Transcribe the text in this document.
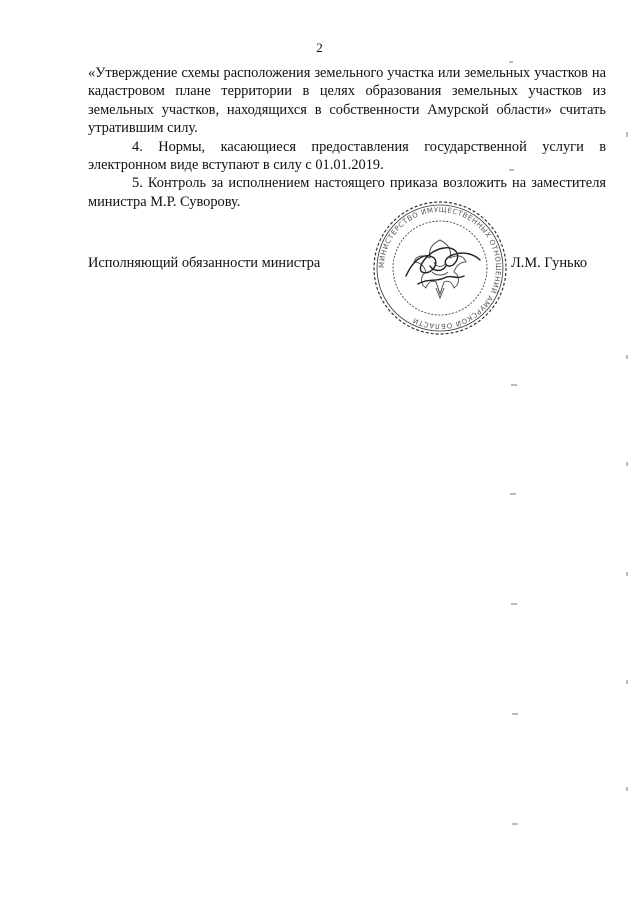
2

«Утверждение схемы расположения земельного участка или земельных участков на кадастровом плане территории в целях образования земельных участков из земельных участков, находящихся в собственности Амурской области» считать утратившим силу.

4. Нормы, касающиеся предоставления государственной услуги в электронном виде вступают в силу с 01.01.2019.

5. Контроль за исполнением настоящего приказа возложить на заместителя министра М.Р. Суворову.

Исполняющий обязанности министра	МИНИСТЕРСТВО ИМУЩЕСТВЕННЫХ ОТНОШЕНИЙ АМУРСКОЙ ОБЛАСТИ
Л.М. Гунько
